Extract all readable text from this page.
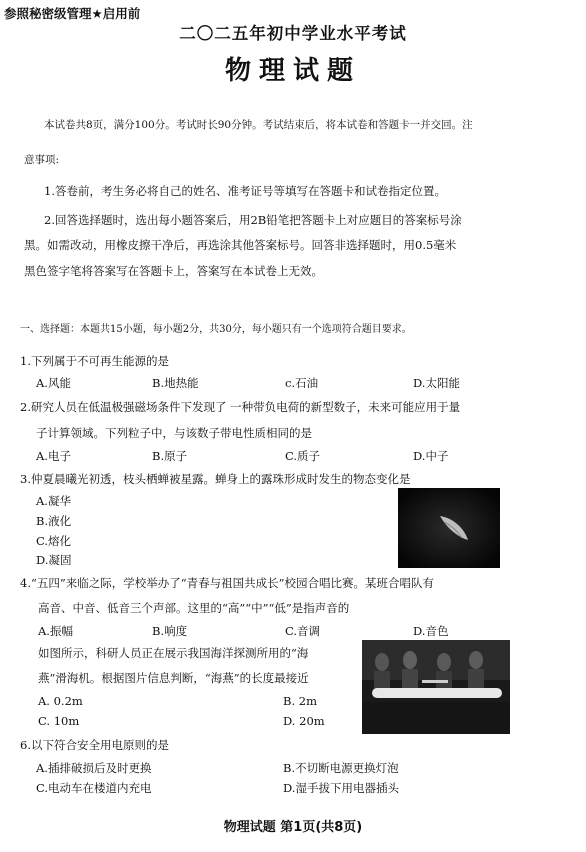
参照秘密级管理★启用前
二〇二五年初中学业水平考试
物理试题
本试卷共8页，满分100分。考试时长90分钟。考试结束后，将本试卷和答题卡一并交回。注
意事项:
1.答卷前，考生务必将自己的姓名、准考证号等填写在答题卡和试卷指定位置。
2.回答选择题时，选出每小题答案后，用2B铅笔把答题卡上对应题目的答案标号涂
黑。如需改动，用橡皮擦干净后，再选涂其他答案标号。回答非选择题时，用0.5毫米
黑色签字笔将答案写在答题卡上，答案写在本试卷上无效。
一、选择题：本题共15小题，每小题2分，共30分，每小题只有一个选项符合题目要求。
1.下列属于不可再生能源的是
A.风能	B.地热能	c.石油	D.太阳能
2.研究人员在低温极强磁场条件下发现了 一种带负电荷的新型数子，未来可能应用于量
子计算领域。下列粒子中，与该数子带电性质相同的是
A.电子	B.原子	C.质子	D.中子
3.仲夏晨曦光初透，枝头栖蝉被星露。蝉身上的露珠形成时发生的物态变化是
A.凝华
B.液化
C.熔化
D.凝固
4.“五四”来临之际，学校举办了“青春与祖国共成长”校园合唱比赛。某班合唱队有
高音、中音、低音三个声部。这里的“高”“中”“低”是指声音的
A.振幅	B.响度	C.音调	D.音色
如图所示，科研人员正在展示我国海洋探测所用的“海
燕”滑海机。根据图片信息判断，“海燕”的长度最接近
A. 0.2m	B. 2m
C. 10m	D. 20m
6.以下符合安全用电原则的是
A.插排破损后及时更换	B.不切断电源更换灯泡
C.电动车在楼道内充电	D.湿手拔下用电器插头
物理试题 第1页(共8页)
